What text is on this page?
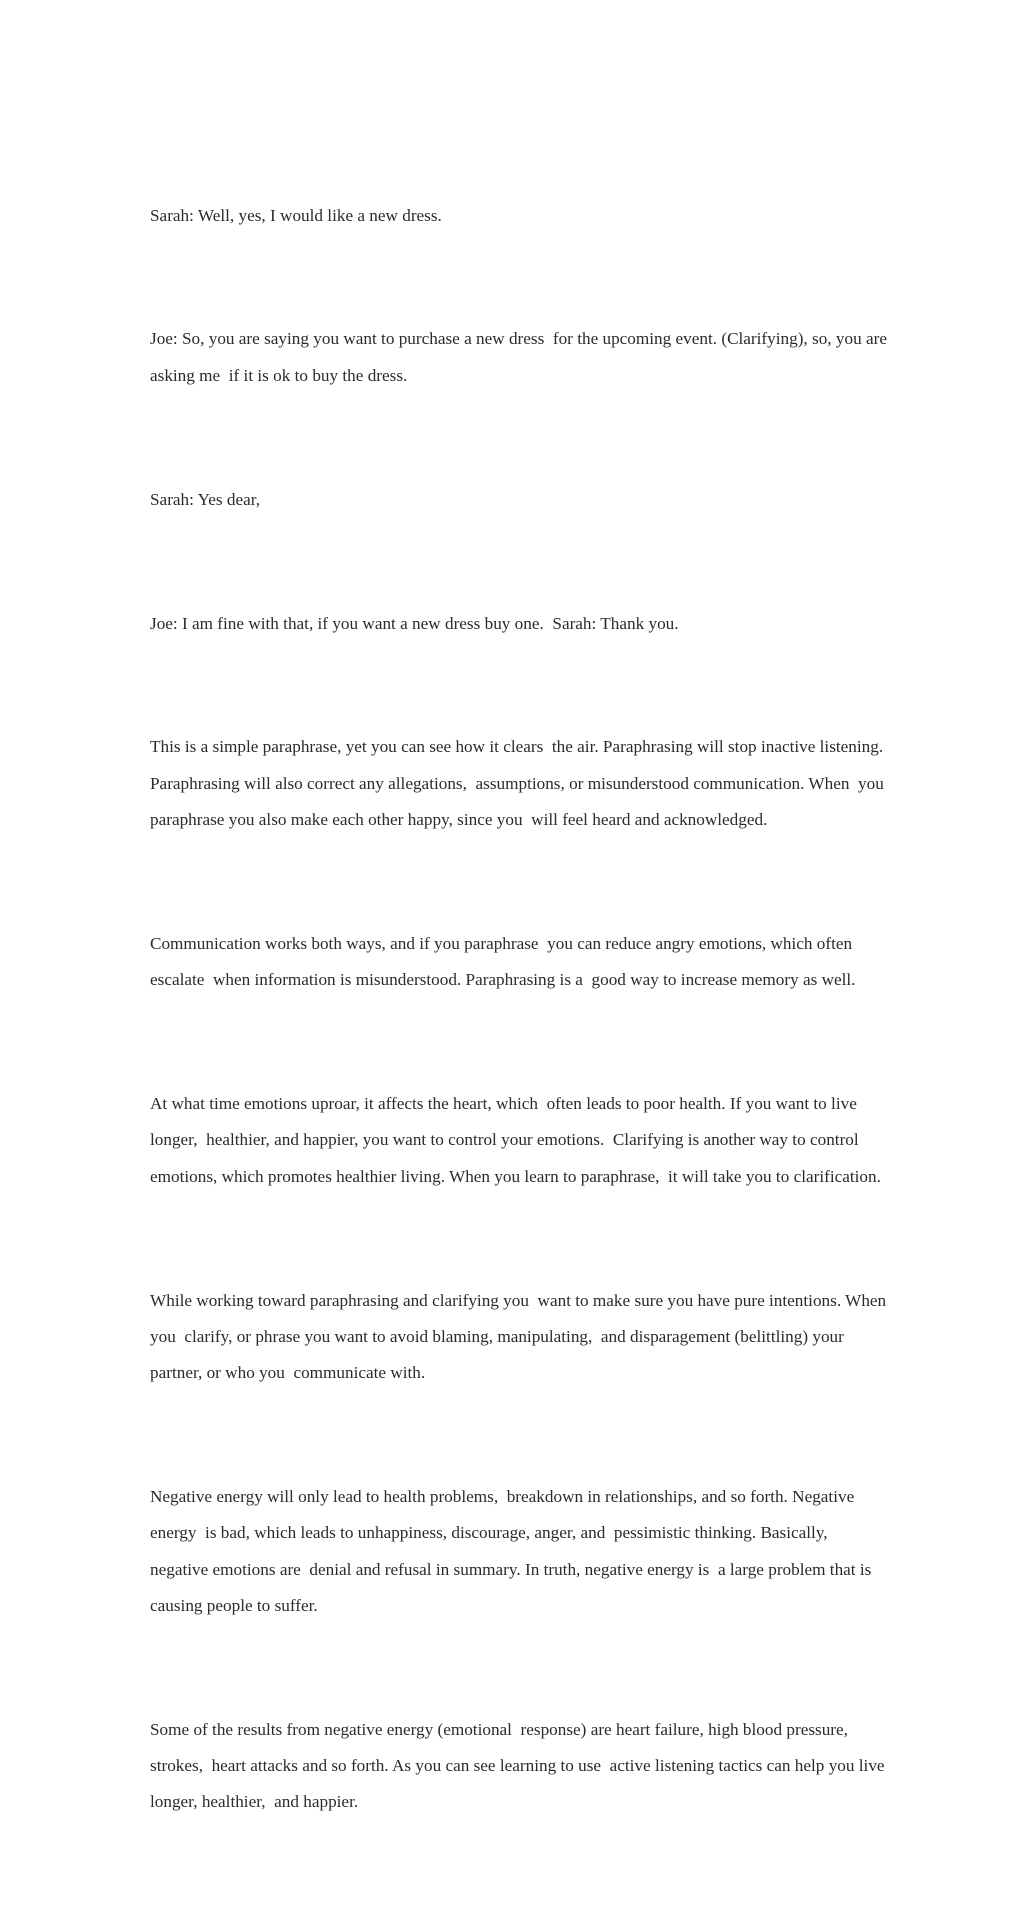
Sarah: Well, yes, I would like a new dress.

Joe: So, you are saying you want to purchase a new dress  for the upcoming event. (Clarifying), so, you are asking me  if it is ok to buy the dress.

Sarah: Yes dear,

Joe: I am fine with that, if you want a new dress buy one.  Sarah: Thank you.

This is a simple paraphrase, yet you can see how it clears  the air. Paraphrasing will stop inactive listening.  Paraphrasing will also correct any allegations,  assumptions, or misunderstood communication. When  you paraphrase you also make each other happy, since you  will feel heard and acknowledged.

Communication works both ways, and if you paraphrase  you can reduce angry emotions, which often escalate  when information is misunderstood. Paraphrasing is a  good way to increase memory as well.

At what time emotions uproar, it affects the heart, which  often leads to poor health. If you want to live longer,  healthier, and happier, you want to control your emotions.  Clarifying is another way to control emotions, which promotes healthier living. When you learn to paraphrase,  it will take you to clarification.

While working toward paraphrasing and clarifying you  want to make sure you have pure intentions. When you  clarify, or phrase you want to avoid blaming, manipulating,  and disparagement (belittling) your partner, or who you  communicate with.

Negative energy will only lead to health problems,  breakdown in relationships, and so forth. Negative energy  is bad, which leads to unhappiness, discourage, anger, and  pessimistic thinking. Basically, negative emotions are  denial and refusal in summary. In truth, negative energy is  a large problem that is causing people to suffer.

Some of the results from negative energy (emotional  response) are heart failure, high blood pressure, strokes,  heart attacks and so forth. As you can see learning to use  active listening tactics can help you live longer, healthier,  and happier.
